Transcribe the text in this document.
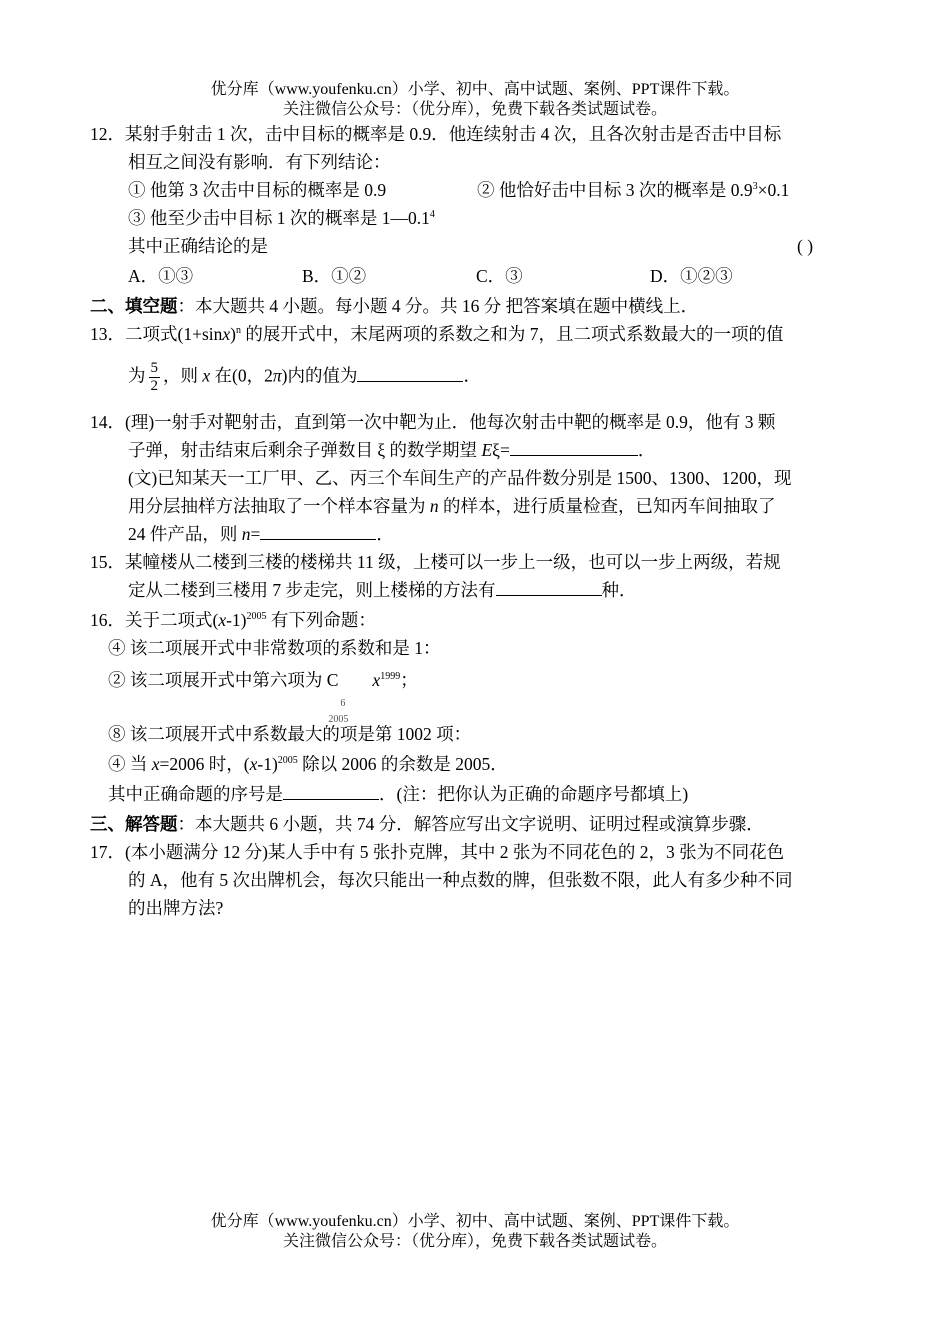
优分库（www.youfenku.cn）小学、初中、高中试题、案例、PPT课件下载。
关注微信公众号：（优分库），免费下载各类试题试卷。
12．某射手射击 1 次，击中目标的概率是 0.9．他连续射击 4 次，且各次射击是否击中目标
相互之间没有影响．有下列结论：
① 他第 3 次击中目标的概率是 0.9	② 他恰好击中目标 3 次的概率是 $0.9^3\times 0.1$
③ 他至少击中目标 1 次的概率是 $1—0.1^4$
其中正确结论的是	( )
A．①③	B．①②	C．③	D．①②③
二、填空题：本大题共 4 小题。每小题 4 分。共 16 分 把答案填在题中横线上．
13．二项式$(1+\sin x)^n$ 的展开式中，末尾两项的系数之和为 7，且二项式系数最大的一项的值
为 $\frac{5}{2}$ ，则 x 在(0，2π)内的值为	．
14．(理)一射手对靶射击，直到第一次中靶为止．他每次射击中靶的概率是 0.9，他有 3 颗
子弹，射击结束后剩余子弹数目 ξ 的数学期望 Eξ=	．
(文)已知某天一工厂甲、乙、丙三个车间生产的产品件数分别是 1500、1300、1200，现
用分层抽样方法抽取了一个样本容量为 n 的样本，进行质量检查，已知丙车间抽取了
24 件产品，则 n=	．
15．某幢楼从二楼到三楼的楼梯共 11 级，上楼可以一步上一级，也可以一步上两级，若规
定从二楼到三楼用 7 步走完，则上楼梯的方法有	种．
16．关于二项式$(x-1)^{2005}$ 有下列命题：
④ 该二项展开式中非常数项的系数和是 1：
② 该二项展开式中第六项为 C
6
2005
$x^{1999}$；
⑧ 该二项展开式中系数最大的项是第 1002 项：
④ 当 x=2006 时，$(x-1)^{2005}$ 除以 2006 的余数是 2005．
其中正确命题的序号是	．(注：把你认为正确的命题序号都填上)
三、解答题：本大题共 6 小题，共 74 分．解答应写出文字说明、证明过程或演算步骤．
17．(本小题满分 12 分)某人手中有 5 张扑克牌，其中 2 张为不同花色的 2，3 张为不同花色
的 A，他有 5 次出牌机会，每次只能出一种点数的牌，但张数不限，此人有多少种不同
的出牌方法?
优分库（www.youfenku.cn）小学、初中、高中试题、案例、PPT课件下载。
关注微信公众号：（优分库），免费下载各类试题试卷。
